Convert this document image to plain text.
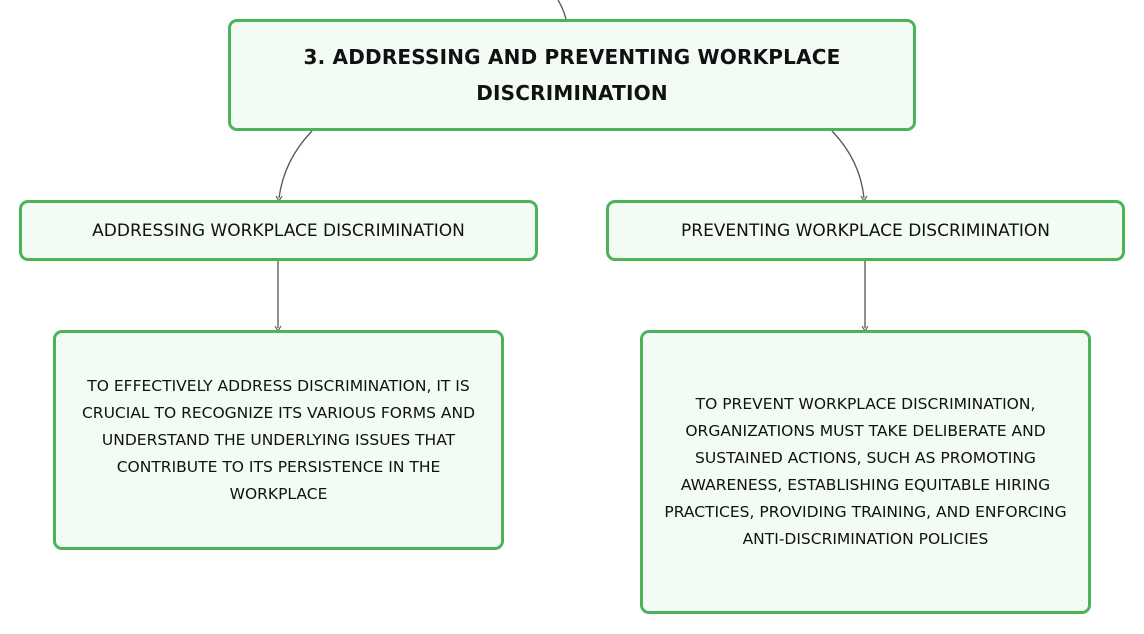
3. ADDRESSING AND PREVENTING WORKPLACE DISCRIMINATION
ADDRESSING WORKPLACE DISCRIMINATION	PREVENTING WORKPLACE DISCRIMINATION
TO EFFECTIVELY ADDRESS DISCRIMINATION, IT IS CRUCIAL TO RECOGNIZE ITS VARIOUS FORMS AND UNDERSTAND THE UNDERLYING ISSUES THAT CONTRIBUTE TO ITS PERSISTENCE IN THE WORKPLACE
TO PREVENT WORKPLACE DISCRIMINATION, ORGANIZATIONS MUST TAKE DELIBERATE AND SUSTAINED ACTIONS, SUCH AS PROMOTING AWARENESS, ESTABLISHING EQUITABLE HIRING PRACTICES, PROVIDING TRAINING, AND ENFORCING ANTI-DISCRIMINATION POLICIES
